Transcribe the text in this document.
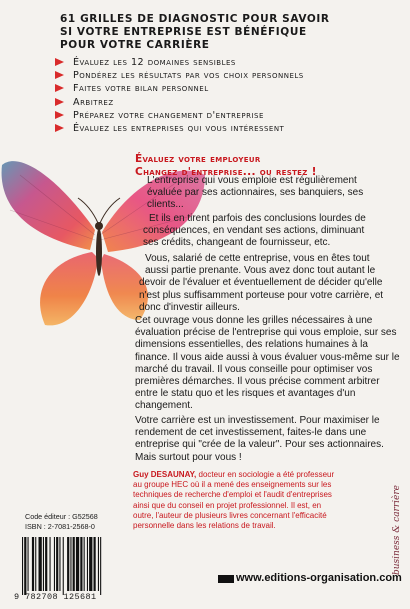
61 GRILLES DE DIAGNOSTIC POUR SAVOIR
SI VOTRE ENTREPRISE EST BÉNÉFIQUE
POUR VOTRE CARRIÈRE
Évaluez les 12 domaines sensibles
Pondérez les résultats par vos choix personnels
Faites votre bilan personnel
Arbitrez
Préparez votre changement d'entreprise
Évaluez les entreprises qui vous intéressent
Évaluez votre employeur
Changez d'entreprise... ou restez !
L'entreprise qui vous emploie est régulièrement
évaluée par ses actionnaires, ses banquiers, ses
clients...
Et ils en tirent parfois des conclusions lourdes de
conséquences, en vendant ses actions, diminuant
ses crédits, changeant de fournisseur, etc.
Vous, salarié de cette entreprise, vous en êtes tout
aussi partie prenante. Vous avez donc tout autant le
devoir de l'évaluer et éventuellement de décider qu'elle
n'est plus suffisamment porteuse pour votre carrière, et
donc d'investir ailleurs.
Cet ouvrage vous donne les grilles nécessaires à une
évaluation précise de l'entreprise qui vous emploie, sur ses
dimensions essentielles, des relations humaines à la
finance. Il vous aide aussi à vous évaluer vous-même sur le
marché du travail. Il vous conseille pour optimiser vos
premières démarches. Il vous précise comment arbitrer
entre le statu quo et les risques et avantages d'un
changement.
Votre carrière est un investissement. Pour maximiser le
rendement de cet investissement, faites-le dans une
entreprise qui "crée de la valeur". Pour ses actionnaires.
Mais surtout pour vous !
Guy DESAUNAY, docteur en sociologie a été professeur
au groupe HEC où il a mené des enseignements sur les
techniques de recherche d'emploi et l'audit d'entreprises
ainsi que du conseil en projet professionnel. Il est, en
outre, l'auteur de plusieurs livres concernant l'efficacité
personnelle dans les relations de travail.	business & carrière
Code éditeur : G52568
ISBN : 2-7081-2568-0
9 782708 125681
www.editions-organisation.com
